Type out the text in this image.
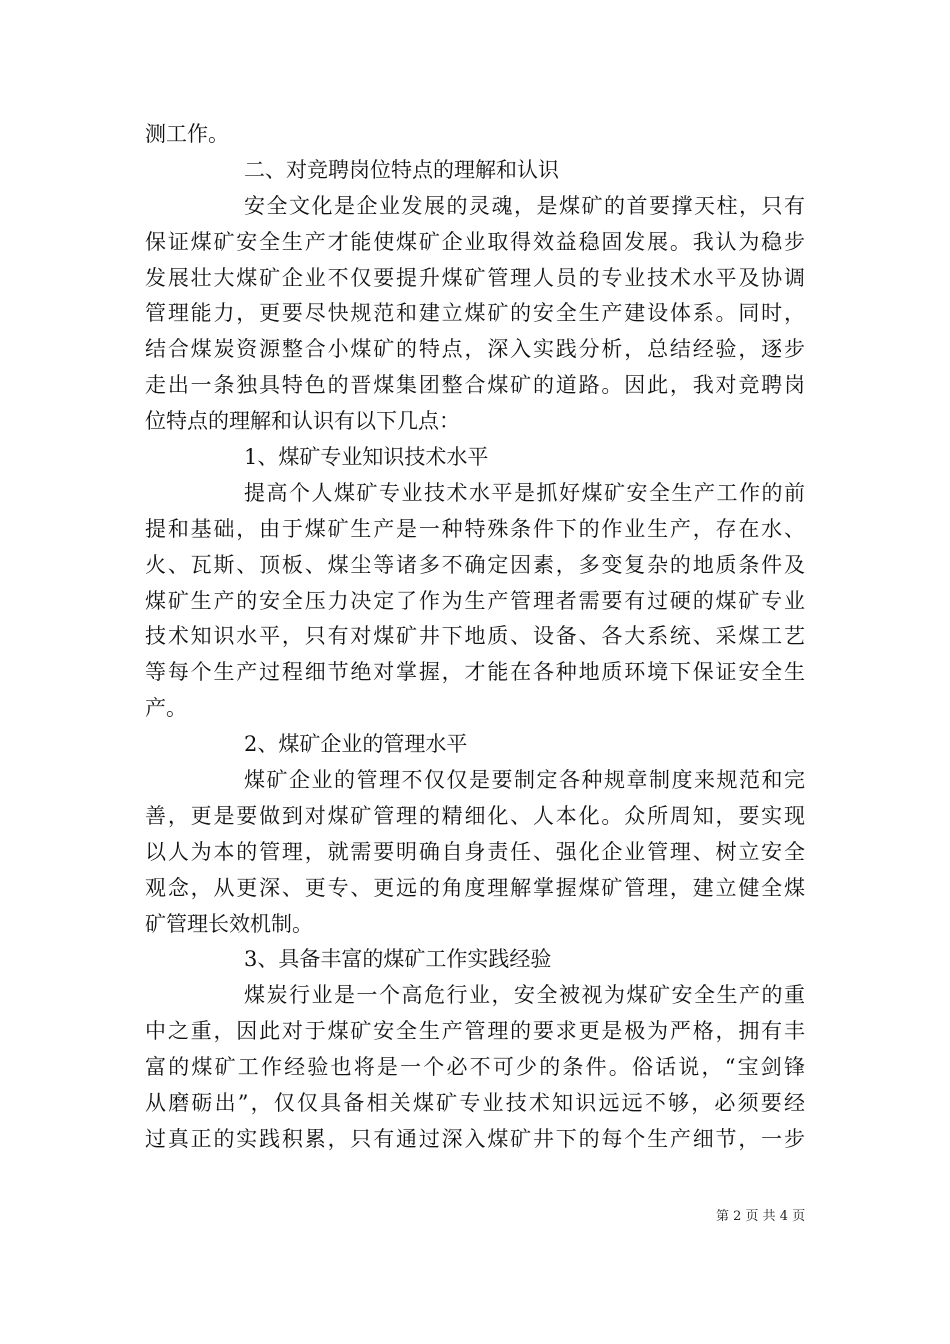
测工作。
二、对竞聘岗位特点的理解和认识
安全文化是企业发展的灵魂，是煤矿的首要撑天柱，只有
保证煤矿安全生产才能使煤矿企业取得效益稳固发展。我认为稳步
发展壮大煤矿企业不仅要提升煤矿管理人员的专业技术水平及协调
管理能力，更要尽快规范和建立煤矿的安全生产建设体系。同时，
结合煤炭资源整合小煤矿的特点，深入实践分析，总结经验，逐步
走出一条独具特色的晋煤集团整合煤矿的道路。因此，我对竞聘岗
位特点的理解和认识有以下几点：
1、煤矿专业知识技术水平
提高个人煤矿专业技术水平是抓好煤矿安全生产工作的前
提和基础，由于煤矿生产是一种特殊条件下的作业生产，存在水、
火、瓦斯、顶板、煤尘等诸多不确定因素，多变复杂的地质条件及
煤矿生产的安全压力决定了作为生产管理者需要有过硬的煤矿专业
技术知识水平，只有对煤矿井下地质、设备、各大系统、采煤工艺
等每个生产过程细节绝对掌握，才能在各种地质环境下保证安全生
产。
2、煤矿企业的管理水平
煤矿企业的管理不仅仅是要制定各种规章制度来规范和完
善，更是要做到对煤矿管理的精细化、人本化。众所周知，要实现
以人为本的管理，就需要明确自身责任、强化企业管理、树立安全
观念，从更深、更专、更远的角度理解掌握煤矿管理，建立健全煤
矿管理长效机制。
3、具备丰富的煤矿工作实践经验
煤炭行业是一个高危行业，安全被视为煤矿安全生产的重
中之重，因此对于煤矿安全生产管理的要求更是极为严格，拥有丰
富的煤矿工作经验也将是一个必不可少的条件。俗话说，“宝剑锋
从磨砺出”，仅仅具备相关煤矿专业技术知识远远不够，必须要经
过真正的实践积累，只有通过深入煤矿井下的每个生产细节，一步
第 2 页 共 4 页
